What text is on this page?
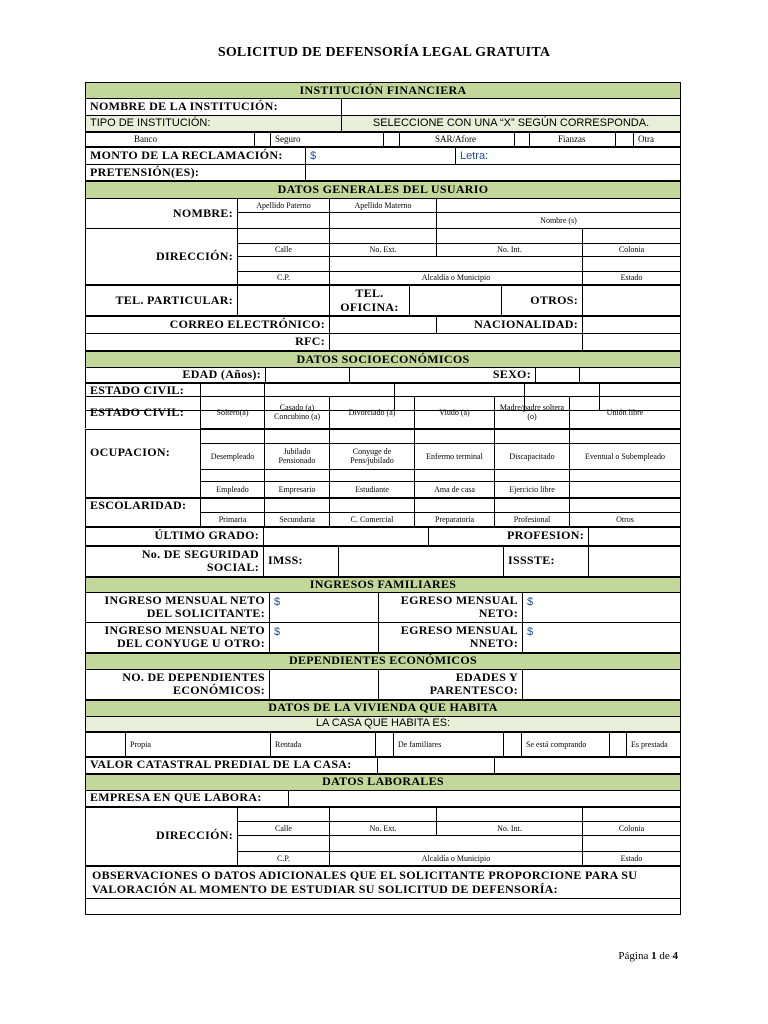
SOLICITUD DE DEFENSORÍA LEGAL GRATUITA
INSTITUCIÓN FINANCIERA	
NOMBRE DE LA INSTITUCIÓN:	
TIPO DE INSTITUCIÓN:	SELECCIONE CON UNA “X” SEGÚN CORRESPONDA.
Banco		Seguro		SAR/Afore		Fianzas		Otra
MONTO DE LA RECLAMACIÓN:	$	Letra:
PRETENSIÓN(ES):		
DATOS GENERALES DEL USUARIO				
NOMBRE:	Apellido Paterno	Apellido Materno		
			Nombre (s)	
DIRECCIÓN:				
	Calle	No. Ext.	No. Int.	Colonia

	C.P.	Alcaldía o Municipio		Estado
TEL. PARTICULAR:		TEL. OFICINA:		OTROS:	
CORREO ELECTRÓNICO:		NACIONALIDAD:	
RFC:			
DATOS SOCIOECONÓMICOS
EDAD (Años):		SEXO:		
ESTADO CIVIL:					
ESTADO CIVIL:	Soltero(a)	Casado (a) Concubino (a)	Divorciado (a)	Viudo (a)	Madre/padre soltera (o)	Unión libre
OCUPACION:						
	Desempleado	Jubilado Pensionado	Conyuge de Pens/jubilado	Enfermo terminal	Discapacitado	Eventual o Subempleado

	Empleado	Empresario	Estudiante	Ama de casa	Ejercicio libre	
ESCOLARIDAD:						
	Primaria	Secundaria	C. Comercial	Preparatoria	Profesional	Otros
ÚLTIMO GRADO:		PROFESION:	
No. DE SEGURIDAD SOCIAL:	IMSS:		ISSSTE:	
INGRESOS FAMILIARES			
INGRESO MENSUAL NETO DEL SOLICITANTE:	$	EGRESO MENSUAL NETO:	$
INGRESO MENSUAL NETO DEL CONYUGE U OTRO:	$	EGRESO MENSUAL NNETO:	$
DEPENDIENTES ECONÓMICOS
NO. DE DEPENDIENTES ECONÓMICOS:		EDADES Y PARENTESCO:	
DATOS DE LA VIVIENDA QUE HABITA
LA CASA QUE HABITA ES:
	Propia	Rentada		De familiares		Se está comprando		Es prestada
VALOR CATASTRAL PREDIAL DE LA CASA:		
DATOS LABORALES
EMPRESA EN QUE LABORA:	
DIRECCIÓN:				
	Calle	No. Ext.	No. Int.	Colonia

	C.P.	Alcaldía o Municipio		Estado
OBSERVACIONES O DATOS ADICIONALES QUE EL SOLICITANTE PROPORCIONE PARA SU VALORACIÓN AL MOMENTO DE ESTUDIAR SU SOLICITUD DE DEFENSORÍA:

Página 1 de 4
